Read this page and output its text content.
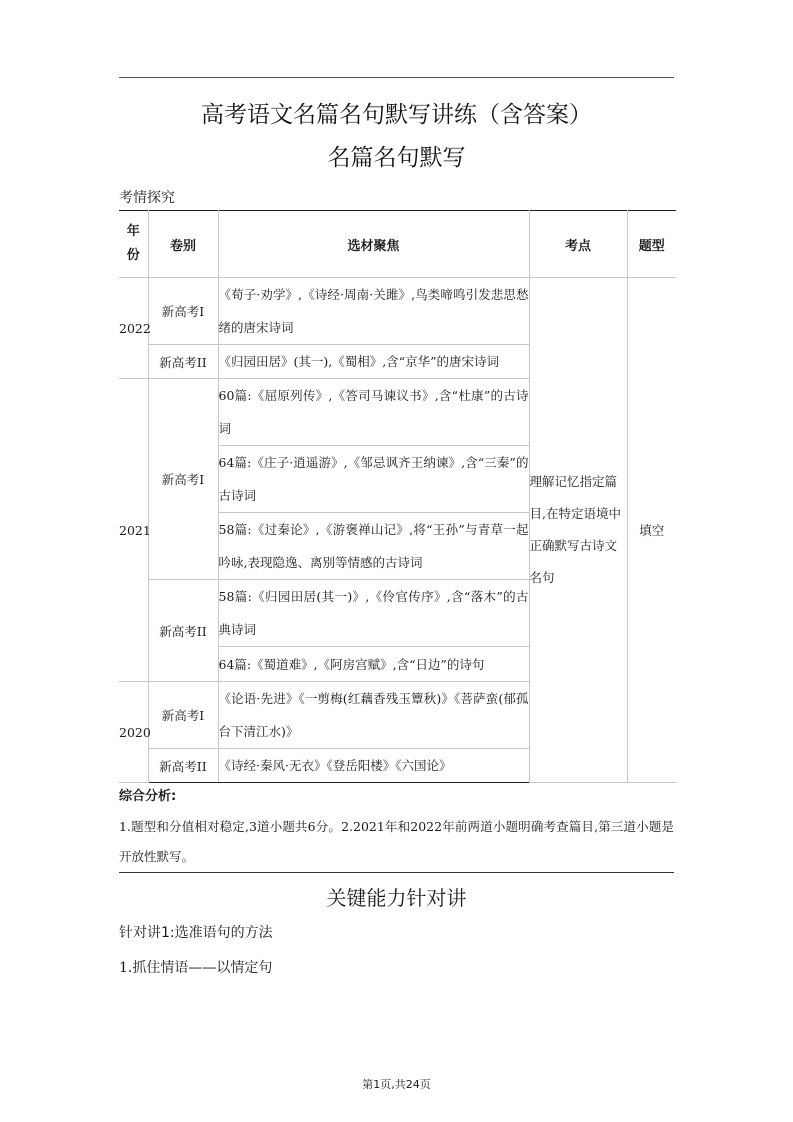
高考语文名篇名句默写讲练（含答案）
名篇名句默写
考情探究
年份	卷别	选材聚焦	考点	题型
2022	新高考I	《荀子·劝学》,《诗经·周南·关雎》,鸟类啼鸣引发悲思愁绪的唐宋诗词	理解记忆指定篇目,在特定语境中正确默写古诗文名句	填空
	新高考II	《归园田居》(其一),《蜀相》,含“京华”的唐宋诗词		
2021	新高考I	60篇:《屈原列传》,《答司马谏议书》,含“杜康”的古诗词		
		64篇:《庄子·逍遥游》,《邹忌讽齐王纳谏》,含“三秦”的古诗词		
		58篇:《过秦论》,《游褒禅山记》,将“王孙”与青草一起吟咏,表现隐逸、离别等情感的古诗词		
	新高考II	58篇:《归园田居(其一)》,《伶官传序》,含“落木”的古典诗词		
		64篇:《蜀道难》,《阿房宫赋》,含“日边”的诗句		
2020	新高考I	《论语·先进》《一剪梅(红藕香残玉簟秋)》《菩萨蛮(郁孤台下清江水)》		
	新高考II	《诗经·秦风·无衣》《登岳阳楼》《六国论》		
综合分析:
1.题型和分值相对稳定,3道小题共6分。2.2021年和2022年前两道小题明确考查篇目,第三道小题是开放性默写。
关键能力针对讲
针对讲1:选准语句的方法
1.抓住情语——以情定句
第1页,共24页
